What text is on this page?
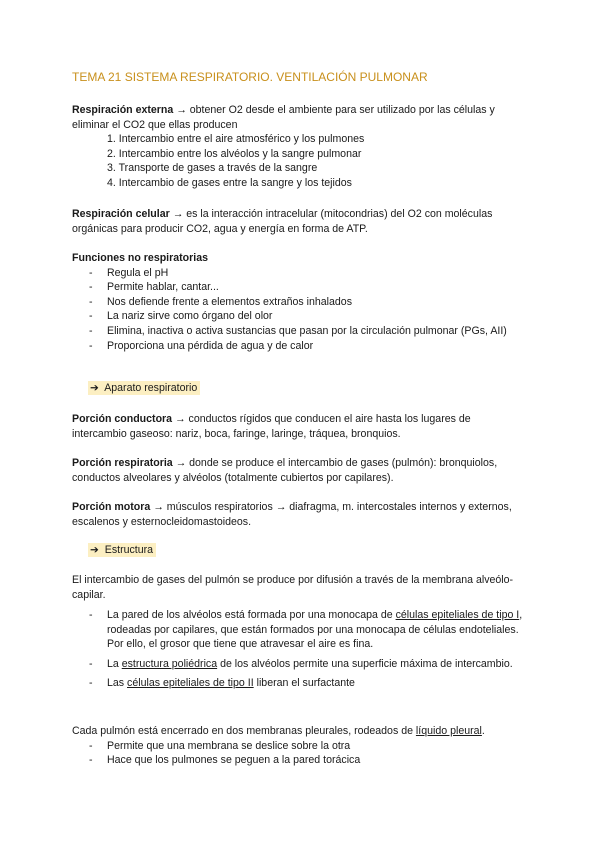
TEMA 21 SISTEMA RESPIRATORIO. VENTILACIÓN PULMONAR
Respiración externa → obtener O2 desde el ambiente para ser utilizado por las células y eliminar el CO2 que ellas producen
1. Intercambio entre el aire atmosférico y los pulmones
2. Intercambio entre los alvéolos y la sangre pulmonar
3. Transporte de gases a través de la sangre
4. Intercambio de gases entre la sangre y los tejidos
Respiración celular → es la interacción intracelular (mitocondrias) del O2 con moléculas orgánicas para producir CO2, agua y energía en forma de ATP.
Funciones no respiratorias
- Regula el pH
- Permite hablar, cantar...
- Nos defiende frente a elementos extraños inhalados
- La nariz sirve como órgano del olor
- Elimina, inactiva o activa sustancias que pasan por la circulación pulmonar (PGs, AII)
- Proporciona una pérdida de agua y de calor
➔ Aparato respiratorio
Porción conductora → conductos rígidos que conducen el aire hasta los lugares de intercambio gaseoso: nariz, boca, faringe, laringe, tráquea, bronquios.
Porción respiratoria → donde se produce el intercambio de gases (pulmón): bronquiolos, conductos alveolares y alvéolos (totalmente cubiertos por capilares).
Porción motora → músculos respiratorios → diafragma, m. intercostales internos y externos, escalenos y esternocleidomastoideos.
➔ Estructura
El intercambio de gases del pulmón se produce por difusión a través de la membrana alveólo-capilar.
- La pared de los alvéolos está formada por una monocapa de células epiteliales de tipo I, rodeadas por capilares, que están formados por una monocapa de células endoteliales. Por ello, el grosor que tiene que atravesar el aire es fina.
- La estructura poliédrica de los alvéolos permite una superficie máxima de intercambio.
- Las células epiteliales de tipo II liberan el surfactante
Cada pulmón está encerrado en dos membranas pleurales, rodeados de líquido pleural.
- Permite que una membrana se deslice sobre la otra
- Hace que los pulmones se peguen a la pared torácica
